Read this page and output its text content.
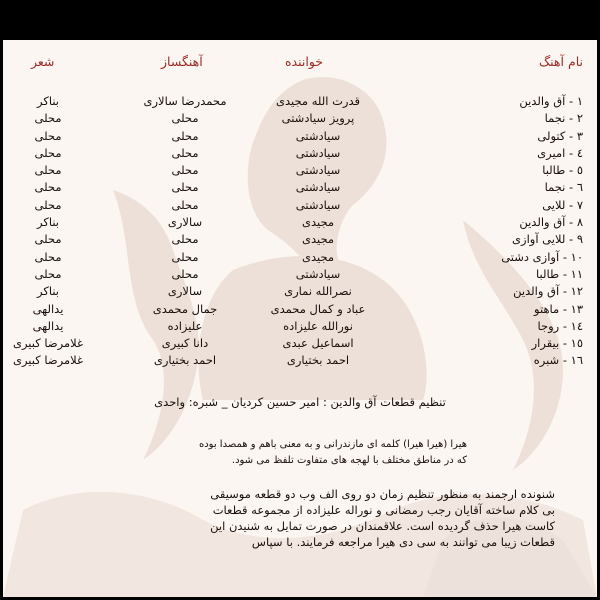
نام آهنگ
خواننده
آهنگساز
شعر
۱ - آق والدین
قدرت الله مجیدی
محمدرضا سالاری
بناکر
۲ - نجما
پرویز سیادشتی
محلی
محلی
۳ - کتولی
سیادشتی
محلی
محلی
٤ - امیری
سیادشتی
محلی
محلی
٥ - طالبا
سیادشتی
محلی
محلی
٦ - نجما
سیادشتی
محلی
محلی
۷ - للایی
سیادشتی
محلی
محلی
۸ - آق والدین
مجیدی
سالاری
بناکر
۹ - للایی آوازی
مجیدی
محلی
محلی
۱۰ - آوازی دشتی
مجیدی
محلی
محلی
۱۱ - طالبا
سیادشتی
محلی
محلی
۱۲ - آق والدین
نصرالله نماری
سالاری
بناکر
۱۳ - ماهتو
عباد و کمال محمدی
جمال محمدی
یدالهی
۱٤ - روجا
نورالله علیزاده
علیزاده
یدالهی
۱٥ - بیقرار
اسماعیل عبدی
دانا کبیری
غلامرضا کبیری
۱٦ - شبره
احمد بختیاری
احمد بختیاری
غلامرضا کبیری
تنظیم قطعات آق والدین : امیر حسین کردیان _ شبره: واحدی
هیرا (هیرا هیرا) کلمه ای مازندرانی و به معنی باهم و همصدا بوده
که در مناطق مختلف با لهجه های متفاوت تلفظ می شود.
شنونده ارجمند به منظور تنظیم زمان دو روی الف وب دو قطعه موسیقی
بی کلام ساخته آقایان رجب رمضانی و نوراله علیزاده از مجموعه قطعات
کاست هیرا حذف گردیده است. علاقمندان در صورت تمایل به شنیدن این
قطعات زیبا می توانند به سی دی هیرا مراجعه فرمایند. با سپاس
